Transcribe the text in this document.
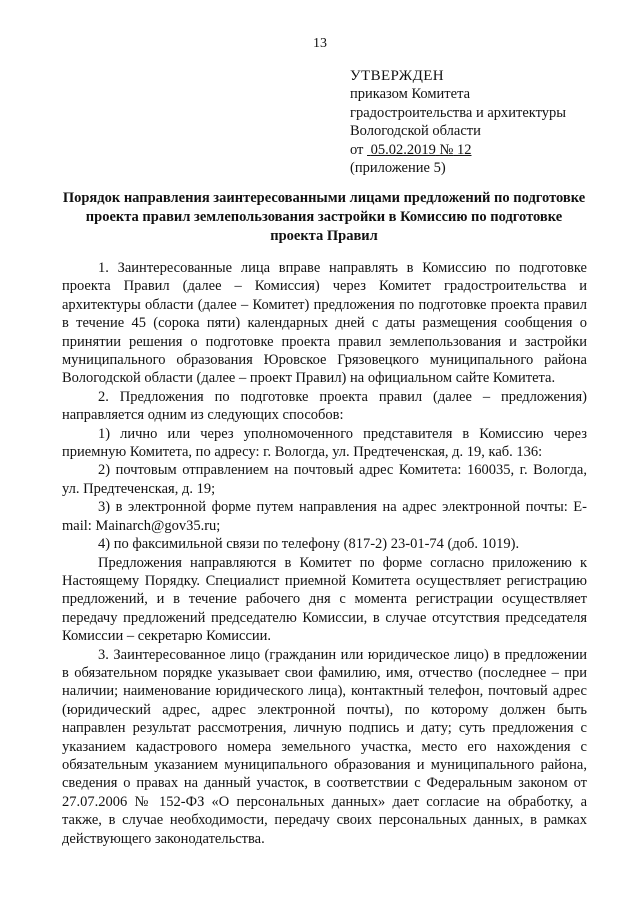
13
УТВЕРЖДЕН
приказом Комитета
градостроительства и архитектуры
Вологодской области
от 05.02.2019 № 12
(приложение 5)
Порядок направления заинтересованными лицами предложений по подготовке проекта правил землепользования застройки в Комиссию по подготовке проекта Правил

1. Заинтересованные лица вправе направлять в Комиссию по подготовке проекта Правил (далее – Комиссия) через Комитет градостроительства и архитектуры области (далее – Комитет) предложения по подготовке проекта правил в течение 45 (сорока пяти) календарных дней с даты размещения сообщения о принятии решения о подготовке проекта правил землепользования и застройки муниципального образования Юровское Грязовецкого муниципального района Вологодской области (далее – проект Правил) на официальном сайте Комитета.

2. Предложения по подготовке проекта правил (далее – предложения) направляется одним из следующих способов:

1) лично или через уполномоченного представителя в Комиссию через приемную Комитета, по адресу: г. Вологда, ул. Предтеченская, д. 19, каб. 136:

2) почтовым отправлением на почтовый адрес Комитета: 160035, г. Вологда, ул. Предтеченская, д. 19;

3) в электронной форме путем направления на адрес электронной почты: E-mail: Mainarch@gov35.ru;

4) по факсимильной связи по телефону (817-2) 23-01-74 (доб. 1019).

Предложения направляются в Комитет по форме согласно приложению к Настоящему Порядку. Специалист приемной Комитета осуществляет регистрацию предложений, и в течение рабочего дня с момента регистрации осуществляет передачу предложений председателю Комиссии, в случае отсутствия председателя Комиссии – секретарю Комиссии.

3. Заинтересованное лицо (гражданин или юридическое лицо) в предложении в обязательном порядке указывает свои фамилию, имя, отчество (последнее – при наличии; наименование юридического лица), контактный телефон, почтовый адрес (юридический адрес, адрес электронной почты), по которому должен быть направлен результат рассмотрения, личную подпись и дату; суть предложения с указанием кадастрового номера земельного участка, место его нахождения с обязательным указанием муниципального образования и муниципального района, сведения о правах на данный участок, в соответствии с Федеральным законом от 27.07.2006 № 152-ФЗ «О персональных данных» дает согласие на обработку, а также, в случае необходимости, передачу своих персональных данных, в рамках действующего законодательства.
